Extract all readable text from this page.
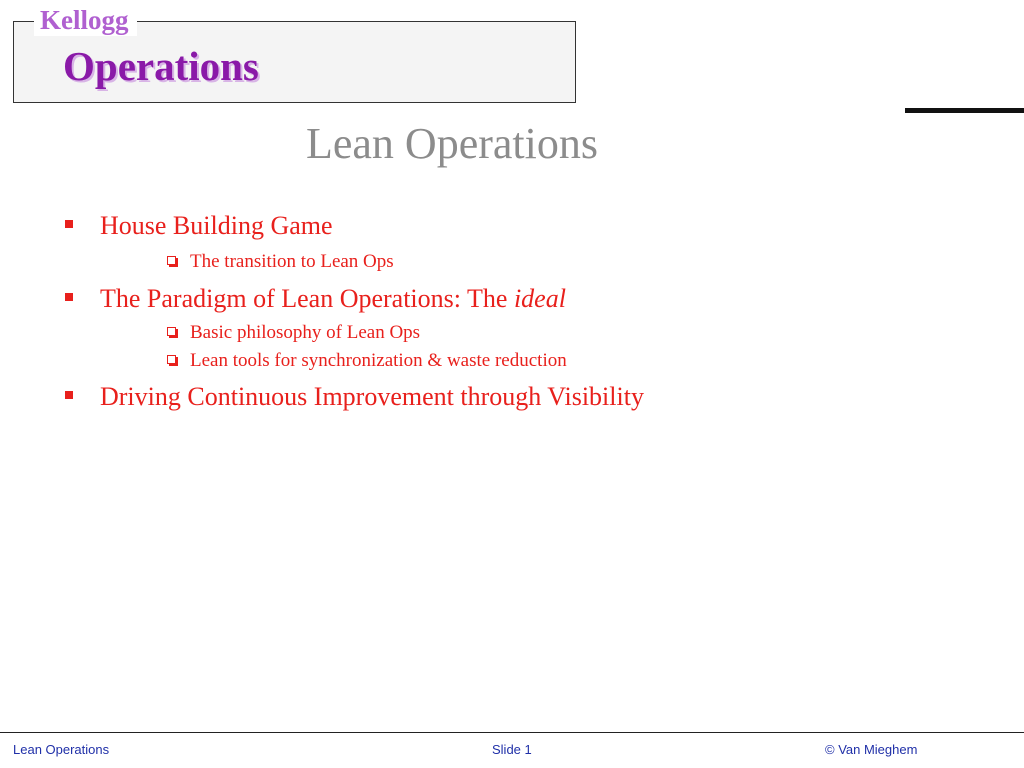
Kellogg
Operations
Lean Operations
House Building Game
The transition to Lean Ops
The Paradigm of Lean Operations: The ideal
Basic philosophy of Lean Ops
Lean tools for synchronization & waste reduction
Driving Continuous Improvement through Visibility
Lean Operations	Slide 1	© Van Mieghem
